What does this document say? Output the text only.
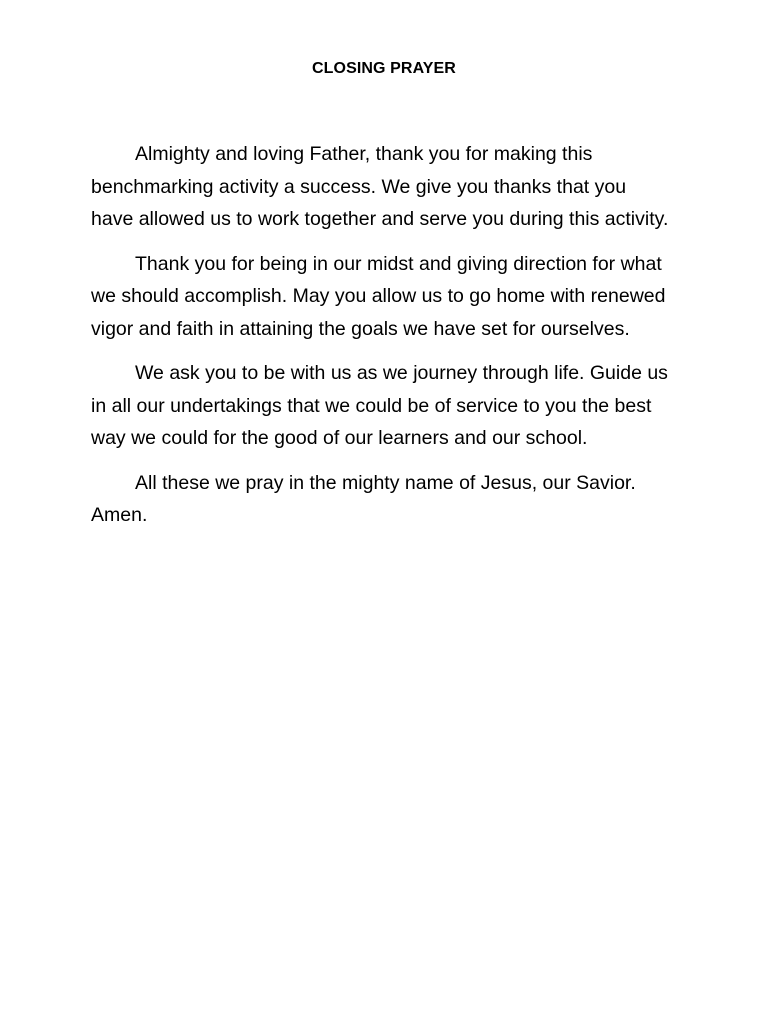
CLOSING PRAYER

Almighty and loving Father, thank you for making this benchmarking activity a success. We give you thanks that you have allowed us to work together and serve you during this activity.

Thank you for being in our midst and giving direction for what we should accomplish. May you allow us to go home with renewed vigor and faith in attaining the goals we have set for ourselves.

We ask you to be with us as we journey through life. Guide us in all our undertakings that we could be of service to you the best way we could for the good of our learners and our school.

All these we pray in the mighty name of Jesus, our Savior. Amen.
